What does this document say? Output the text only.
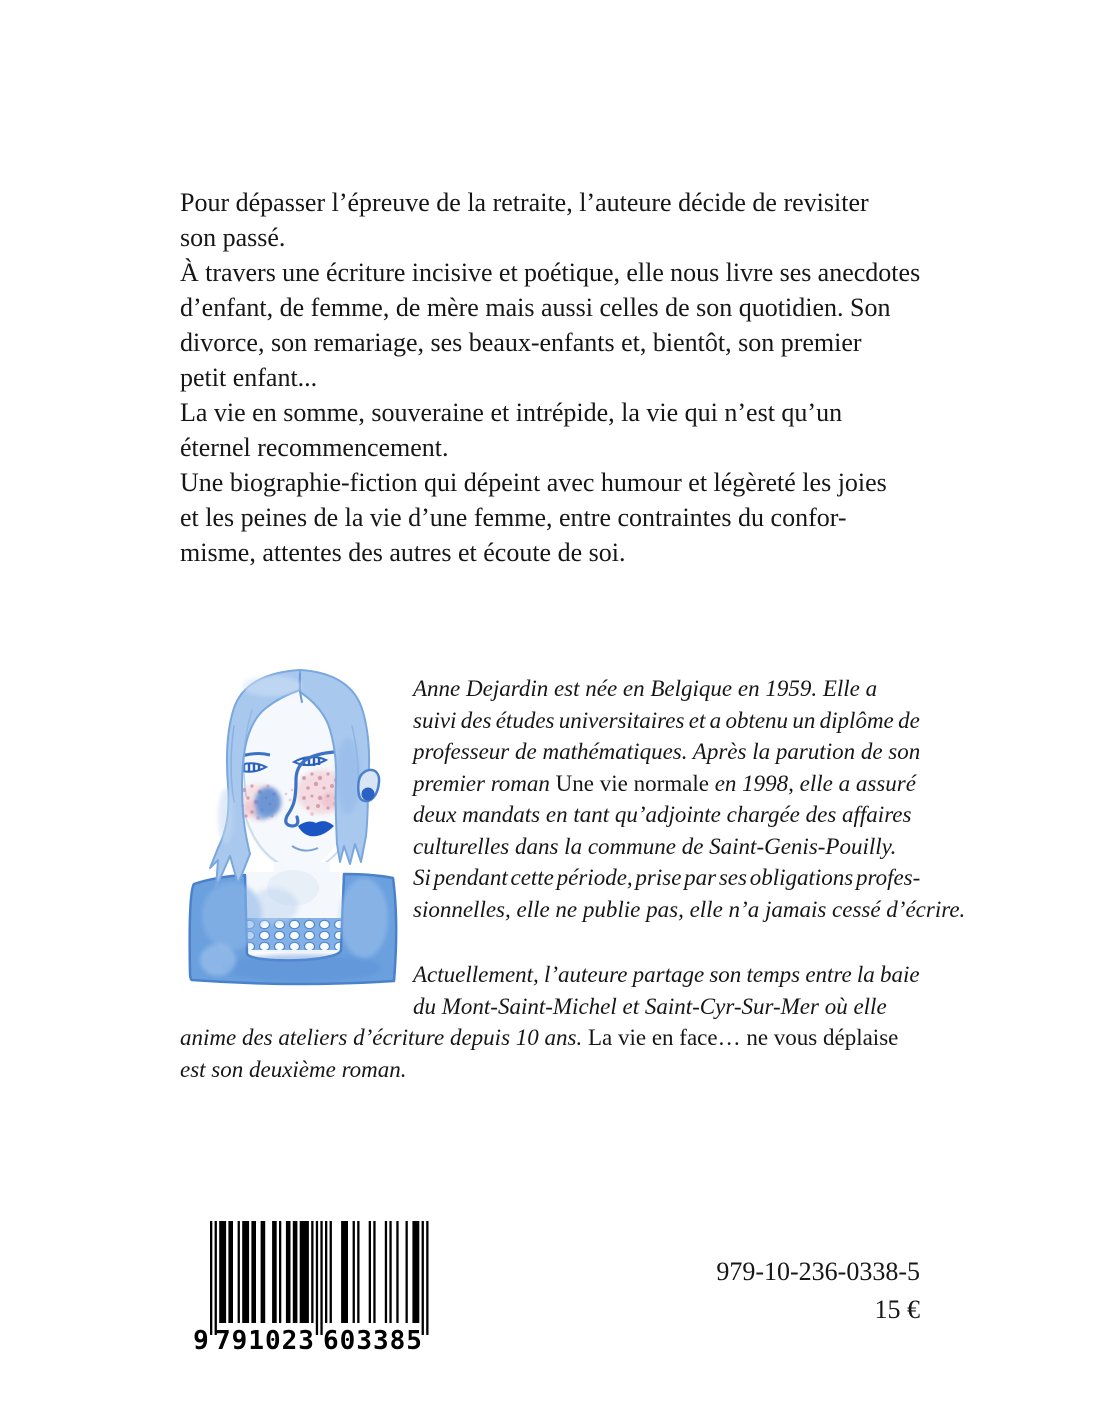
Pour dépasser l’épreuve de la retraite, l’auteure décide de revisiter
son passé.
À travers une écriture incisive et poétique, elle nous livre ses anecdotes
d’enfant, de femme, de mère mais aussi celles de son quotidien. Son
divorce, son remariage, ses beaux-enfants et, bientôt, son premier
petit enfant...
La vie en somme, souveraine et intrépide, la vie qui n’est qu’un
éternel recommencement.
Une biographie-fiction qui dépeint avec humour et légèreté les joies
et les peines de la vie d’une femme, entre contraintes du confor-
misme, attentes des autres et écoute de soi.
Anne Dejardin est née en Belgique en 1959. Elle a
suivi des études universitaires et a obtenu un diplôme de
professeur de mathématiques. Après la parution de son
premier roman Une vie normale en 1998, elle a assuré
deux mandats en tant qu’adjointe chargée des affaires
culturelles dans la commune de Saint-Genis-Pouilly.
Si pendant cette période, prise par ses obligations profes-
sionnelles, elle ne publie pas, elle n’a jamais cessé d’écrire.
Actuellement, l’auteure partage son temps entre la baie
du Mont-Saint-Michel et Saint-Cyr-Sur-Mer où elle
anime des ateliers d’écriture depuis 10 ans. La vie en face… ne vous déplaise
est son deuxième roman.
9 791023 603385
979-10-236-0338-5
15 €
